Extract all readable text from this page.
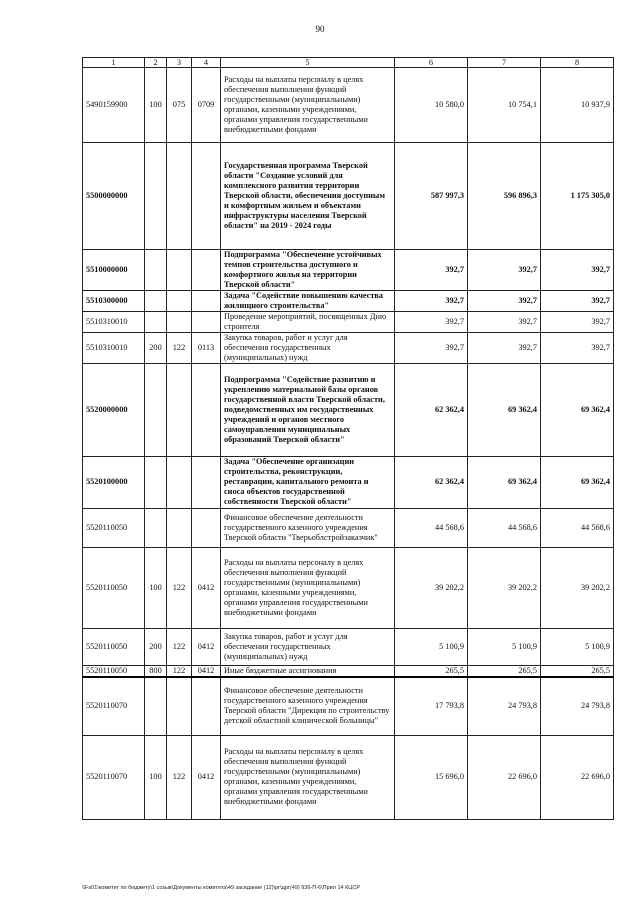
90
1	2	3	4	5	6	7	8
5490159900	100	075	0709	Расходы на выплаты персоналу в целях обеспечения выполнения функций государственными (муниципальными) органами, казенными учреждениями, органами управления государственными внебюджетными фондами	10 580,0	10 754,1	10 937,9
5500000000				Государственная программа Тверской области "Создание условий для комплексного развития территории Тверской области, обеспечения доступным и комфортным жильем и объектами инфраструктуры населения Тверской области" на 2019 - 2024 годы	587 997,3	596 896,3	1 175 305,0
5510000000				Подпрограмма "Обеспечение устойчивых темпов строительства доступного и комфортного жилья на территории Тверской области"	392,7	392,7	392,7
5510300000				Задача "Содействие повышению качества жилищного строительства"	392,7	392,7	392,7
5510310010				Проведение мероприятий, посвященных Дню строителя	392,7	392,7	392,7
5510310010	200	122	0113	Закупка товаров, работ и услуг для обеспечения государственных (муниципальных) нужд	392,7	392,7	392,7
5520000000				Подпрограмма "Содействие развитию и укреплению материальной базы органов государственной власти Тверской области, подведомственных им государственных учреждений и органов местного самоуправления муниципальных образований Тверской области"	62 362,4	69 362,4	69 362,4
5520100000				Задача "Обеспечение организации строительства, реконструкции, реставрации, капитального ремонта и сноса объектов государственной собственности Тверской области"	62 362,4	69 362,4	69 362,4
5520110050				Финансовое обеспечение деятельности государственного казенного учреждения Тверской области "Тверьоблстройзаказчик"	44 568,6	44 568,6	44 568,6
5520110050	100	122	0412	Расходы на выплаты персоналу в целях обеспечения выполнения функций государственными (муниципальными) органами, казенными учреждениями, органами управления государственными внебюджетными фондами	39 202,2	39 202,2	39 202,2
5520110050	200	122	0412	Закупка товаров, работ и услуг для обеспечения государственных (муниципальных) нужд	5 100,9	5 100,9	5 100,9
5520110050	800	122	0412	Иные бюджетные ассигнования	265,5	265,5	265,5
5520110070				Финансовое обеспечение деятельности государственного казенного учреждения Тверской области "Дирекция по строительству детской областной клинической больницы"	17 793,8	24 793,8	24 793,8
5520110070	100	122	0412	Расходы на выплаты персоналу в целях обеспечения выполнения функций государственными (муниципальными) органами, казенными учреждениями, органами управления государственными внебюджетными фондами	15 696,0	22 696,0	22 696,0
\\Fs01\комитет по бюджету\1 созыв\Документы комитета\49 заседание (12)\рг\дрг(49) 936-П-6\Прил 14 КЦСР
